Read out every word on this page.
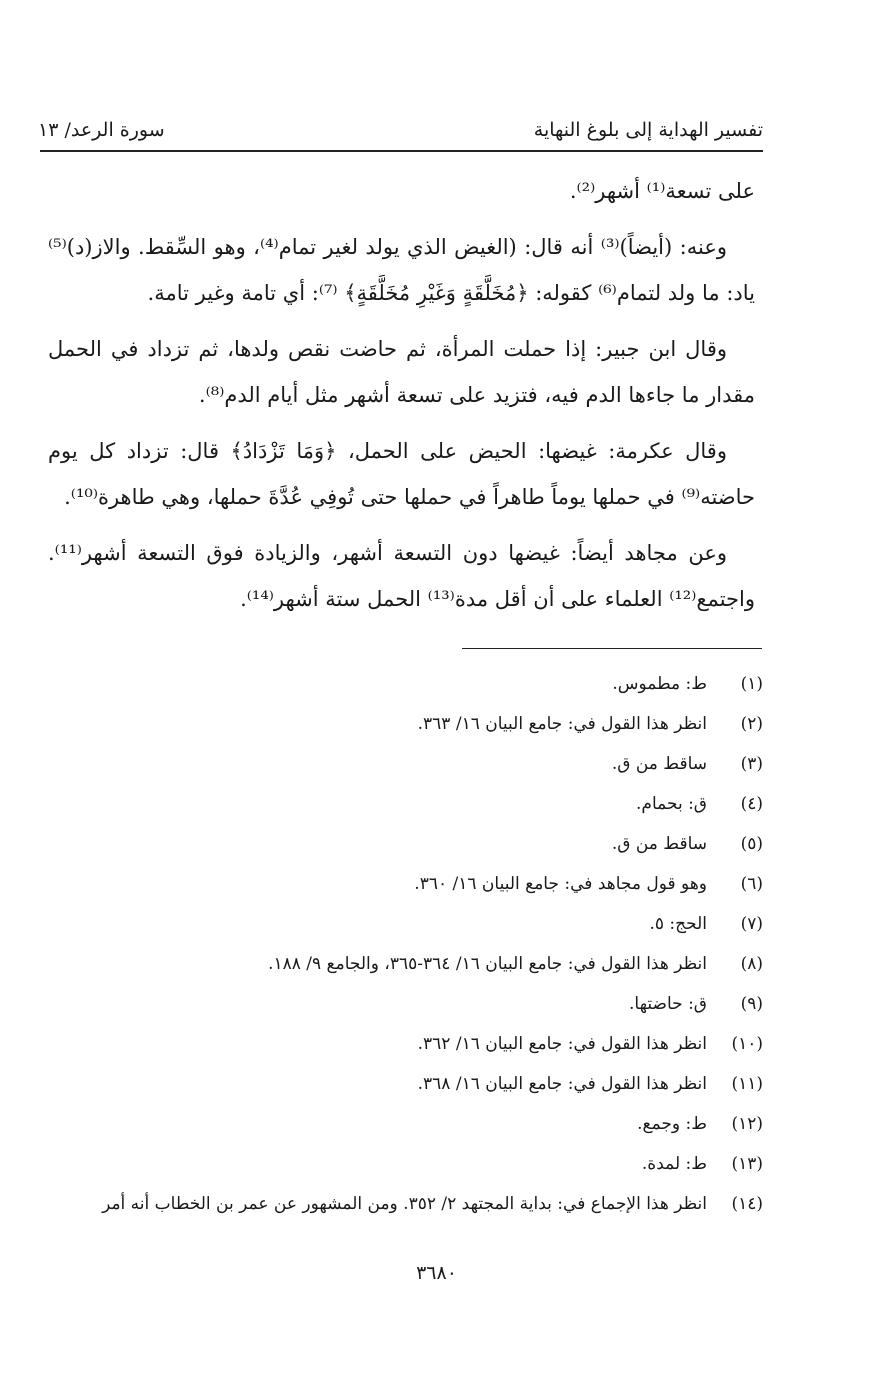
تفسير الهداية إلى بلوغ النهاية
سورة الرعد/ ١٣

على تسعة⁽¹⁾ أشهر⁽²⁾.

وعنه: (أيضاً)⁽³⁾ أنه قال: (الغيض الذي يولد لغير تمام⁽⁴⁾، وهو السِّقط. والاز(د)⁽⁵⁾ ياد: ما ولد لتمام⁽⁶⁾ كقوله: ﴿مُخَلَّقَةٍ وَغَيْرِ مُخَلَّقَةٍ﴾ ⁽⁷⁾: أي تامة وغير تامة.

وقال ابن جبير: إذا حملت المرأة، ثم حاضت نقص ولدها، ثم تزداد في الحمل مقدار ما جاءها الدم فيه، فتزيد على تسعة أشهر مثل أيام الدم⁽⁸⁾.

وقال عكرمة: غيضها: الحيض على الحمل، ﴿وَمَا تَزْدَادُ﴾ قال: تزداد كل يوم حاضته⁽⁹⁾ في حملها يوماً طاهراً في حملها حتى تُوفِي عُدَّةَ حملها، وهي طاهرة⁽¹⁰⁾.

وعن مجاهد أيضاً: غيضها دون التسعة أشهر، والزيادة فوق التسعة أشهر⁽¹¹⁾. واجتمع⁽¹²⁾ العلماء على أن أقل مدة⁽¹³⁾ الحمل ستة أشهر⁽¹⁴⁾.

(١)
ط: مطموس.
(٢)
انظر هذا القول في: جامع البيان ١٦/ ٣٦٣.
(٣)
ساقط من ق.
(٤)
ق: بحمام.
(٥)
ساقط من ق.
(٦)
وهو قول مجاهد في: جامع البيان ١٦/ ٣٦٠.
(٧)
الحج: ٥.
(٨)
انظر هذا القول في: جامع البيان ١٦/ ٣٦٤-٣٦٥، والجامع ٩/ ١٨٨.
(٩)
ق: حاضتها.
(١٠)
انظر هذا القول في: جامع البيان ١٦/ ٣٦٢.
(١١)
انظر هذا القول في: جامع البيان ١٦/ ٣٦٨.
(١٢)
ط: وجمع.
(١٣)
ط: لمدة.
(١٤)
انظر هذا الإجماع في: بداية المجتهد ٢/ ٣٥٢. ومن المشهور عن عمر بن الخطاب أنه أمر
٣٦٨٠
